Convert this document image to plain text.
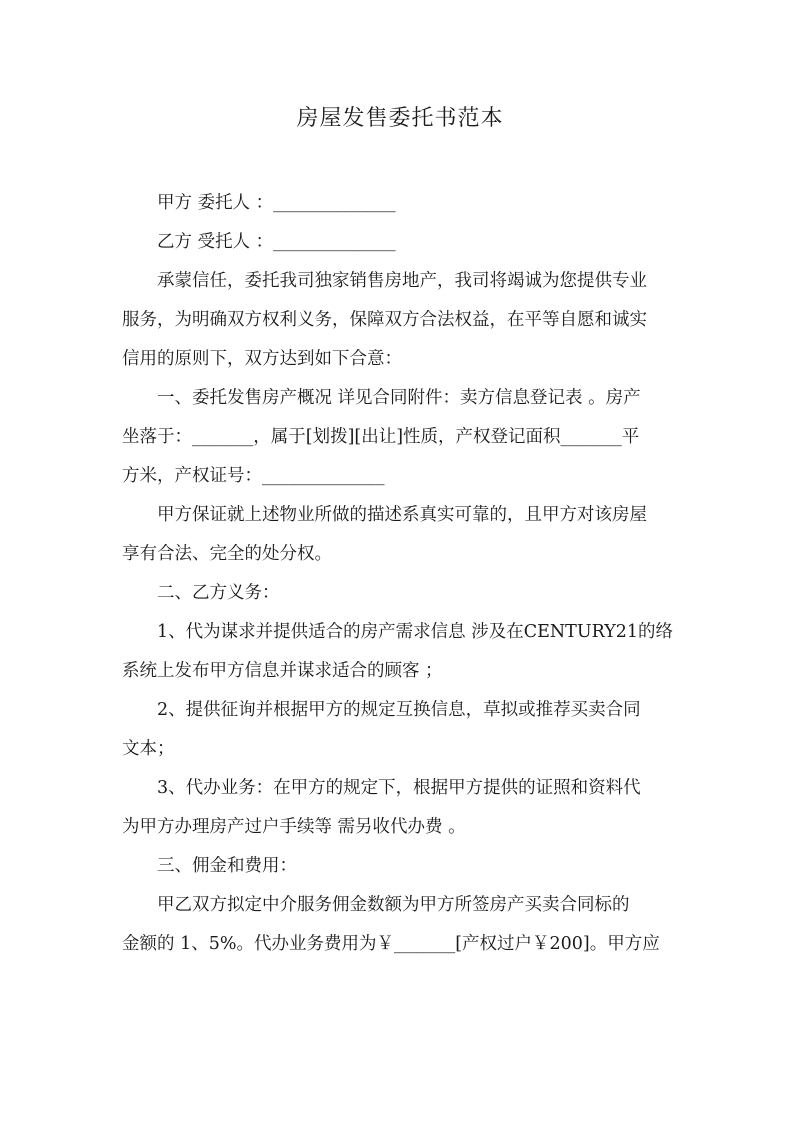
房屋发售委托书范本

甲方 委托人 ：______________

乙方 受托人 ：______________

承蒙信任，委托我司独家销售房地产，我司将竭诚为您提供专业

服务，为明确双方权利义务，保障双方合法权益，在平等自愿和诚实

信用的原则下，双方达到如下合意：

一、委托发售房产概况 详见合同附件：卖方信息登记表 。房产

坐落于：_______，属于[划拨][出让]性质，产权登记面积_______平

方米，产权证号：______________

甲方保证就上述物业所做的描述系真实可靠的，且甲方对该房屋

享有合法、完全的处分权。

二、乙方义务：

1、代为谋求并提供适合的房产需求信息 涉及在CENTURY21的络

系统上发布甲方信息并谋求适合的顾客 ；

2、提供征询并根据甲方的规定互换信息，草拟或推荐买卖合同

文本；

3、代办业务：在甲方的规定下，根据甲方提供的证照和资料代

为甲方办理房产过户手续等 需另收代办费 。

三、佣金和费用：

甲乙双方拟定中介服务佣金数额为甲方所签房产买卖合同标的

金额的 1、5%。代办业务费用为￥_______[产权过户￥200]。甲方应
